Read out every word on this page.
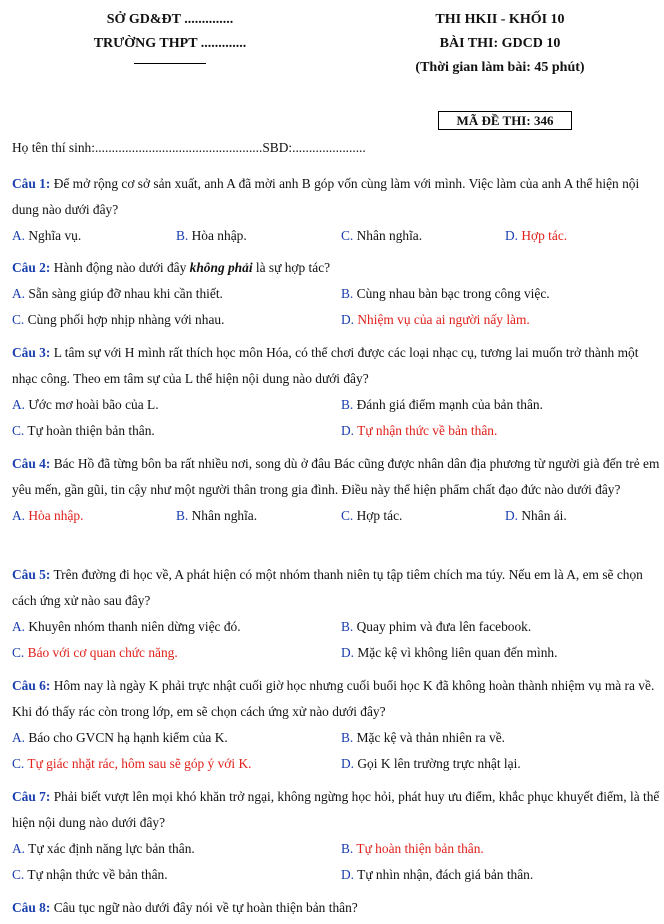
SỞ GD&ĐT ..............
TRƯỜNG THPT .............
THI HKII - KHỐI 10
BÀI THI: GDCD 10
(Thời gian làm bài: 45 phút)
MÃ ĐỀ THI: 346
Họ tên thí sinh:..................................................SBD:......................
Câu 1: Để mở rộng cơ sở sản xuất, anh A đã mời anh B góp vốn cùng làm với mình. Việc làm của anh A thể hiện nội dung nào dưới đây?
A. Nghĩa vụ.	B. Hòa nhập.	C. Nhân nghĩa.	D. Hợp tác.
Câu 2: Hành động nào dưới đây không phải là sự hợp tác?
A. Sẵn sàng giúp đỡ nhau khi cần thiết.	B. Cùng nhau bàn bạc trong công việc.
C. Cùng phối hợp nhịp nhàng với nhau.	D. Nhiệm vụ của ai người nấy làm.
Câu 3: L tâm sự với H mình rất thích học môn Hóa, có thể chơi được các loại nhạc cụ, tương lai muốn trở thành một nhạc công. Theo em tâm sự của L thể hiện nội dung nào dưới đây?
A. Ước mơ hoài bão của L.	B. Đánh giá điểm mạnh của bản thân.
C. Tự hoàn thiện bản thân.	D. Tự nhận thức về bản thân.
Câu 4: Bác Hồ đã từng bôn ba rất nhiều nơi, song dù ở đâu Bác cũng được nhân dân địa phương từ người già đến trẻ em yêu mến, gần gũi, tin cậy như một người thân trong gia đình. Điều này thể hiện phẩm chất đạo đức nào dưới đây?
A. Hòa nhập.	B. Nhân nghĩa.	C. Hợp tác.	D. Nhân ái.
Câu 5: Trên đường đi học về, A phát hiện có một nhóm thanh niên tụ tập tiêm chích ma túy. Nếu em là A, em sẽ chọn cách ứng xử nào sau đây?
A. Khuyên nhóm thanh niên dừng việc đó.	B. Quay phim và đưa lên facebook.
C. Báo với cơ quan chức năng.	D. Mặc kệ vì không liên quan đến mình.
Câu 6: Hôm nay là ngày K phải trực nhật cuối giờ học nhưng cuối buổi học K đã không hoàn thành nhiệm vụ mà ra về. Khi đó thấy rác còn trong lớp, em sẽ chọn cách ứng xử nào dưới đây?
A. Báo cho GVCN hạ hạnh kiểm của K.	B. Mặc kệ và thản nhiên ra về.
C. Tự giác nhặt rác, hôm sau sẽ góp ý với K.	D. Gọi K lên trường trực nhật lại.
Câu 7: Phải biết vượt lên mọi khó khăn trở ngại, không ngừng học hỏi, phát huy ưu điểm, khắc phục khuyết điểm, là thể hiện nội dung nào dưới đây?
A. Tự xác định năng lực bản thân.	B. Tự hoàn thiện bản thân.
C. Tự nhận thức về bản thân.	D. Tự nhìn nhận, đách giá bản thân.
Câu 8: Câu tục ngữ nào dưới đây nói về tự hoàn thiện bản thân?
